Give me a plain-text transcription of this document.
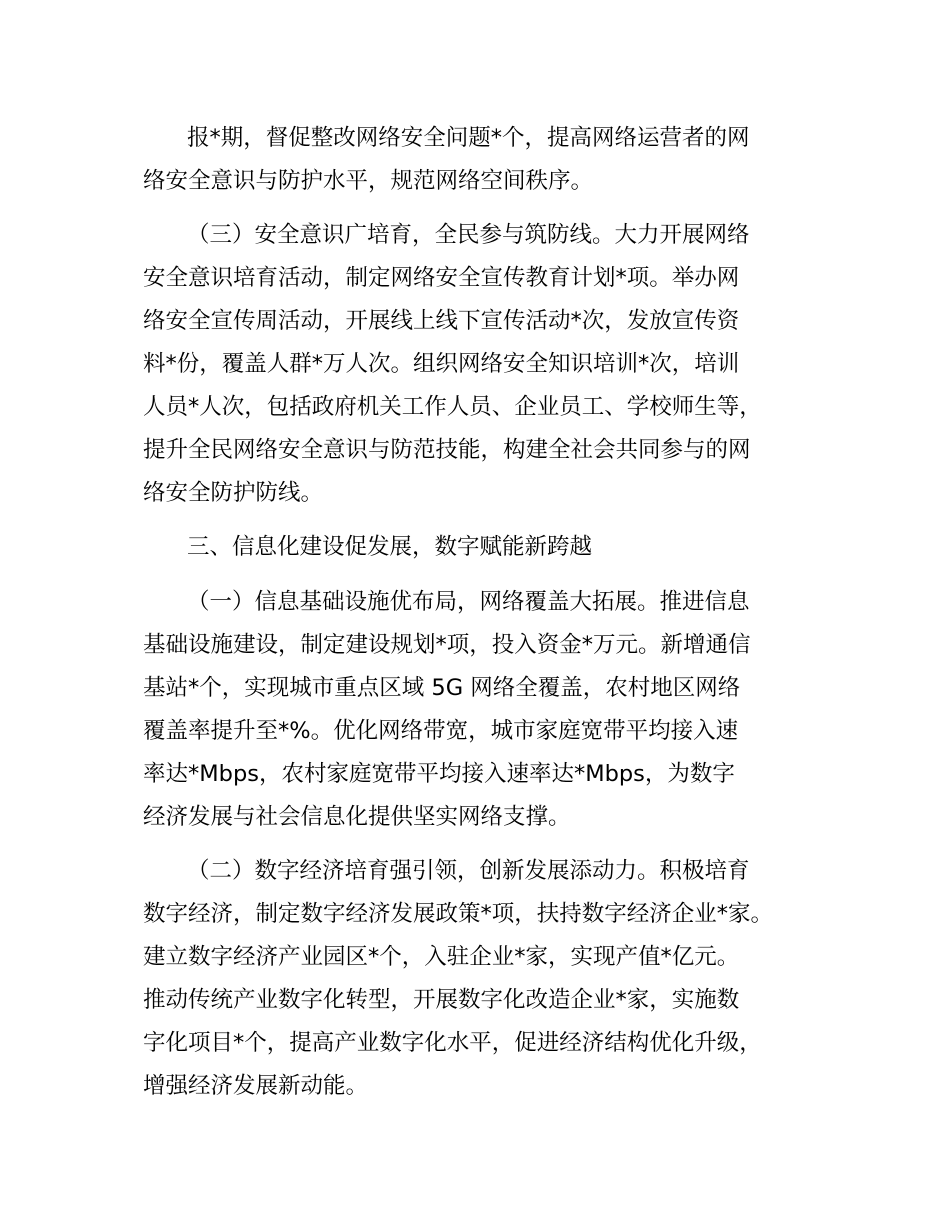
报*期，督促整改网络安全问题*个，提高网络运营者的网

络安全意识与防护水平，规范网络空间秩序。

（三）安全意识广培育，全民参与筑防线。大力开展网络

安全意识培育活动，制定网络安全宣传教育计划*项。举办网

络安全宣传周活动，开展线上线下宣传活动*次，发放宣传资

料*份，覆盖人群*万人次。组织网络安全知识培训*次，培训

人员*人次，包括政府机关工作人员、企业员工、学校师生等，

提升全民网络安全意识与防范技能，构建全社会共同参与的网

络安全防护防线。

三、信息化建设促发展，数字赋能新跨越

（一）信息基础设施优布局，网络覆盖大拓展。推进信息

基础设施建设，制定建设规划*项，投入资金*万元。新增通信

基站*个，实现城市重点区域 5G 网络全覆盖，农村地区网络

覆盖率提升至*%。优化网络带宽，城市家庭宽带平均接入速

率达*Mbps，农村家庭宽带平均接入速率达*Mbps，为数字

经济发展与社会信息化提供坚实网络支撑。

（二）数字经济培育强引领，创新发展添动力。积极培育

数字经济，制定数字经济发展政策*项，扶持数字经济企业*家。

建立数字经济产业园区*个，入驻企业*家，实现产值*亿元。

推动传统产业数字化转型，开展数字化改造企业*家，实施数

字化项目*个，提高产业数字化水平，促进经济结构优化升级，

增强经济发展新动能。
